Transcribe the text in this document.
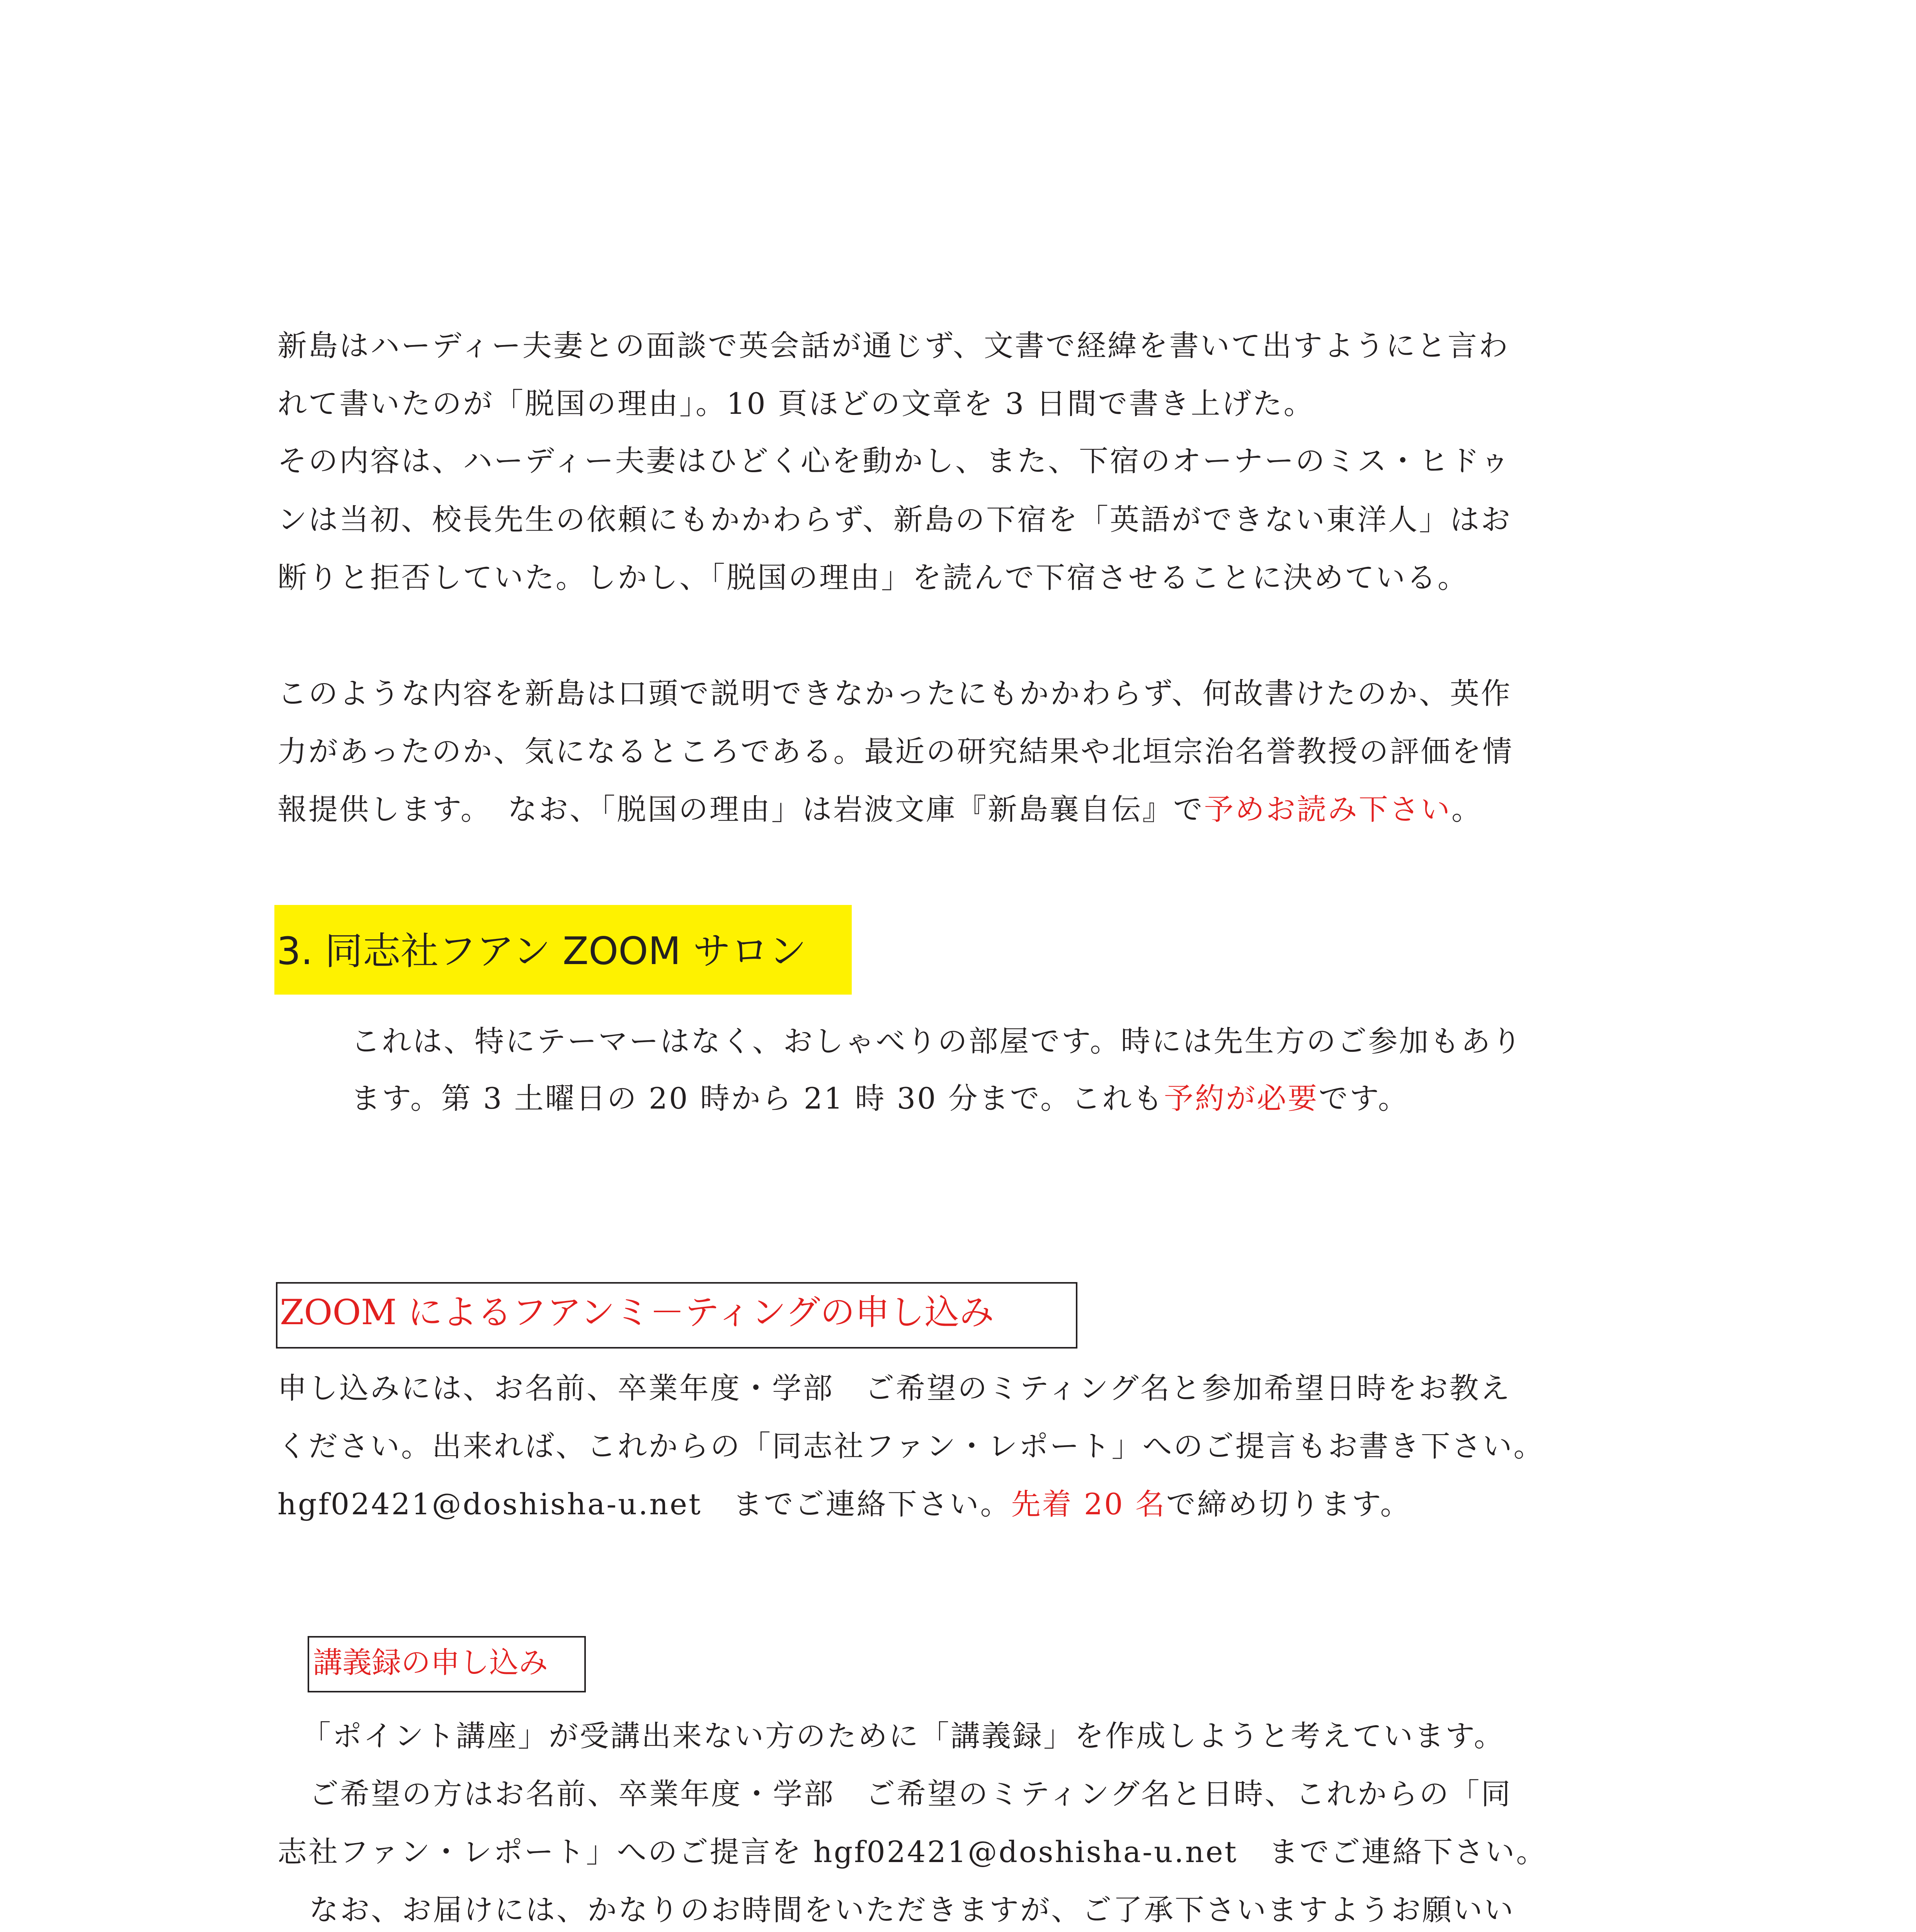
新島はハーディー夫妻との面談で英会話が通じず、文書で経緯を書いて出すようにと言わ
れて書いたのが「脱国の理由」。10 頁ほどの文章を 3 日間で書き上げた。
その内容は、ハーディー夫妻はひどく心を動かし、また、下宿のオーナーのミス・ヒドゥ
ンは当初、校長先生の依頼にもかかわらず、新島の下宿を「英語ができない東洋人」はお
断りと拒否していた。しかし、「脱国の理由」を読んで下宿させることに決めている。
このような内容を新島は口頭で説明できなかったにもかかわらず、何故書けたのか、英作
力があったのか、気になるところである。最近の研究結果や北垣宗治名誉教授の評価を情
報提供します。　なお、「脱国の理由」は岩波文庫『新島襄自伝』で予めお読み下さい。
3. 同志社フアン ZOOM サロン
これは、特にテーマーはなく、おしゃべりの部屋です。時には先生方のご参加もあり
ます。第 3 土曜日の 20 時から 21 時 30 分まで。これも予約が必要です。
ZOOM によるフアンミ－ティングの申し込み
申し込みには、お名前、卒業年度・学部　ご希望のミティング名と参加希望日時をお教え
ください。出来れば、これからの「同志社ファン・レポート」へのご提言もお書き下さい。
hgf02421@doshisha-u.net　までご連絡下さい。先着 20 名で締め切ります。
講義録の申し込み
「ポイント講座」が受講出来ない方のために「講義録」を作成しようと考えています。
ご希望の方はお名前、卒業年度・学部　ご希望のミティング名と日時、これからの「同
志社ファン・レポート」へのご提言を hgf02421@doshisha-u.net　までご連絡下さい。
なお、お届けには、かなりのお時間をいただきますが、ご了承下さいますようお願いい
